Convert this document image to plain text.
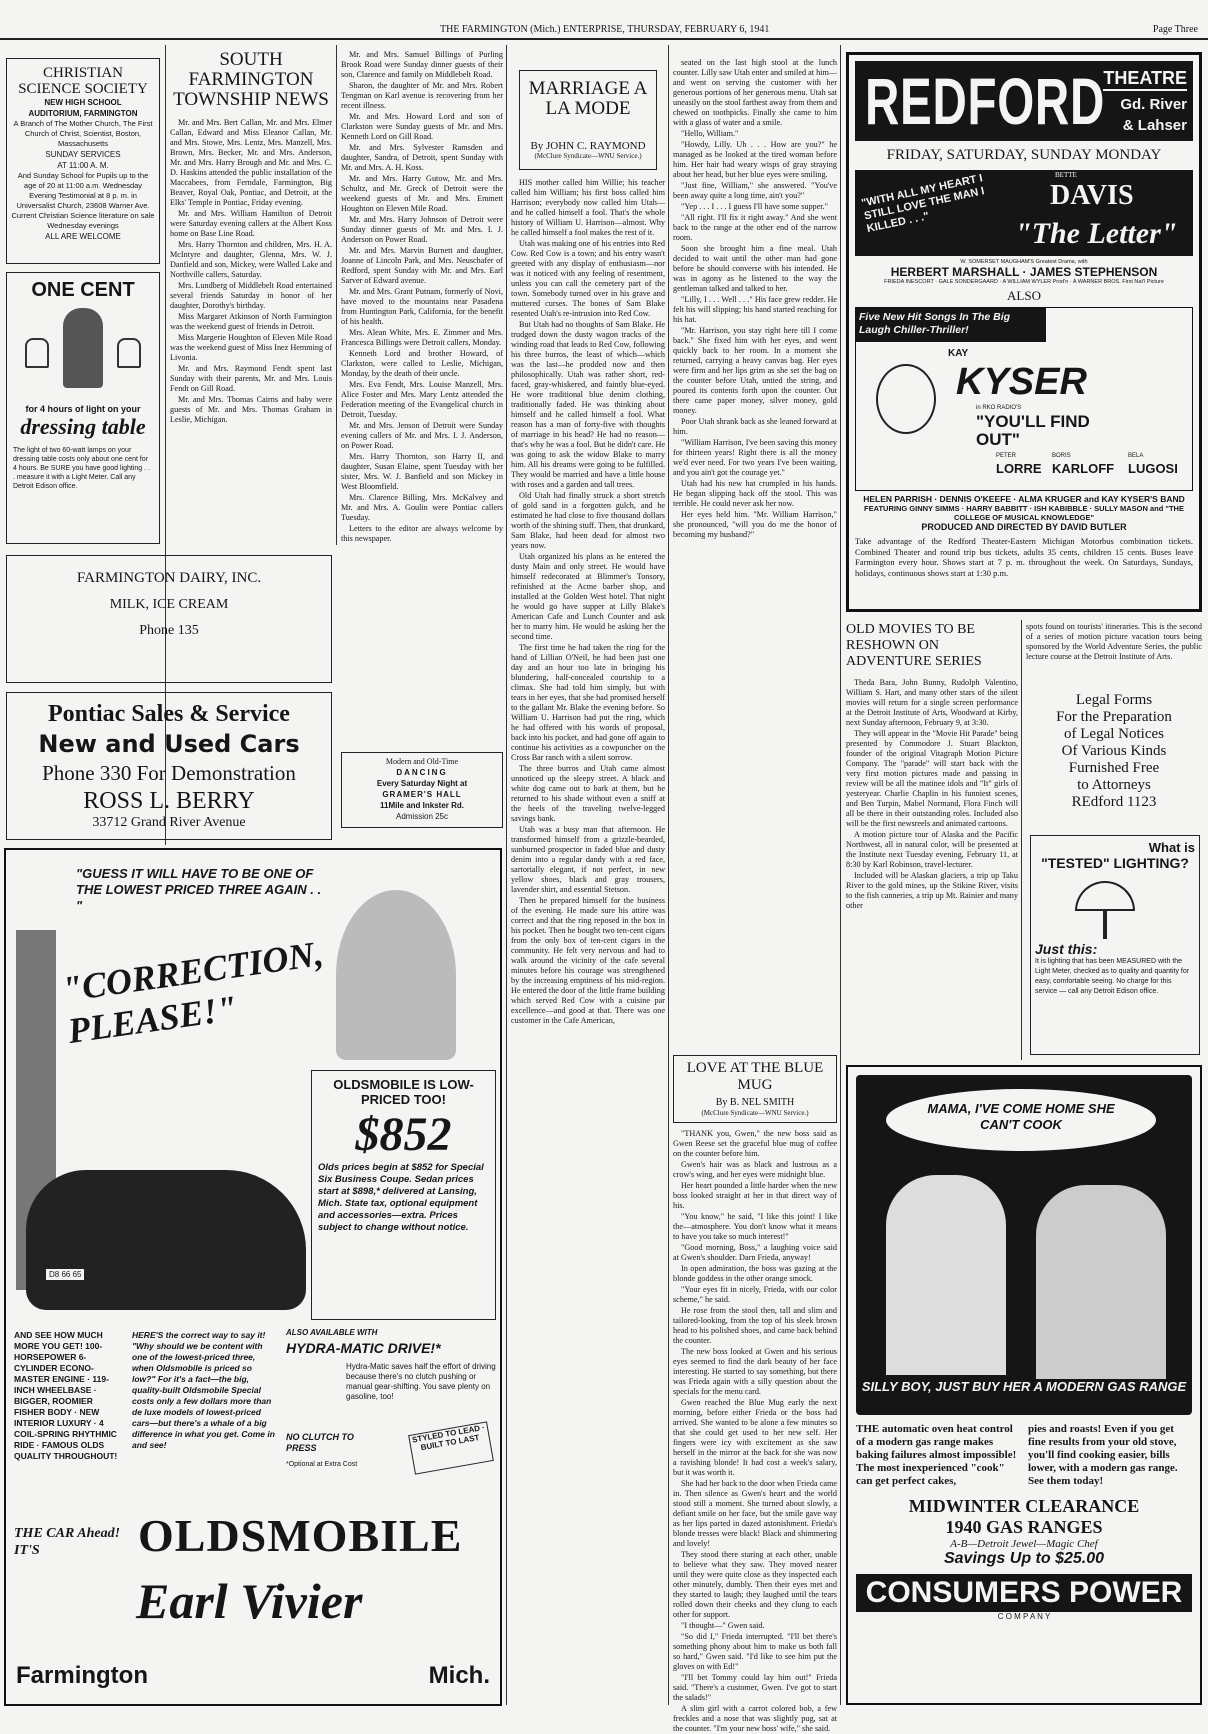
THE FARMINGTON (Mich.) ENTERPRISE, THURSDAY, FEBRUARY 6, 1941	Page Three
CHRISTIAN SCIENCE SOCIETY
NEW HIGH SCHOOL
AUDITORIUM, FARMINGTON
A Branch of The Mother Church, The First Church of Christ, Scientist, Boston, Massachusetts
SUNDAY SERVICES
AT 11:00 A. M.
And Sunday School for Pupils up to the age of 20 at 11:00 a.m. Wednesday Evening Testimonial at 8 p. m. in Universalist Church, 23608 Warner Ave. Current Christian Science literature on sale Wednesday evenings
ALL ARE WELCOME
ONE CENT
for 4 hours of light on your
dressing table
The light of two 60-watt lamps on your dressing table costs only about one cent for 4 hours. Be SURE you have good lighting . . . measure it with a Light Meter. Call any Detroit Edison office.
SOUTH FARMINGTON TOWNSHIP NEWS

Mr. and Mrs. Bert Callan, Mr. and Mrs. Elmer Callan, Edward and Miss Eleanor Callan, Mr. and Mrs. Stowe, Mrs. Lentz, Mrs. Manzell, Mrs. Brown, Mrs. Becker, Mr. and Mrs. Anderson, Mr. and Mrs. Harry Brough and Mr. and Mrs. C. D. Haskins attended the public installation of the Maccabees, from Ferndale, Farmington, Big Beaver, Royal Oak, Pontiac, and Detroit, at the Elks' Temple in Pontiac, Friday evening.

Mr. and Mrs. William Hamilton of Detroit were Saturday evening callers at the Albert Koss home on Base Line Road.

Mrs. Harry Thornton and children, Mrs. H. A. McIntyre and daughter, Glenna, Mrs. W. J. Danfield and son, Mickey, were Walled Lake and Northville callers, Saturday.

Mrs. Lundberg of Middlebelt Road entertained several friends Saturday in honor of her daughter, Dorothy's birthday.

Miss Margaret Atkinson of North Farmington was the weekend guest of friends in Detroit.

Miss Margerie Houghton of Eleven Mile Road was the weekend guest of Miss Inez Hemming of Livonia.

Mr. and Mrs. Raymond Fendt spent last Sunday with their parents, Mr. and Mrs. Louis Fendt on Gill Road.

Mr. and Mrs. Thomas Cairns and baby were guests of Mr. and Mrs. Thomas Graham in Leslie, Michigan.

Mr. and Mrs. Samuel Billings of Purling Brook Road were Sunday dinner guests of their son, Clarence and family on Middlebelt Road.

Sharon, the daughter of Mr. and Mrs. Robert Tengman on Karl avenue is recovering from her recent illness.

Mr. and Mrs. Howard Lord and son of Clarkston were Sunday guests of Mr. and Mrs. Kenneth Lord on Gill Road.

Mr. and Mrs. Sylvester Ramsden and daughter, Sandra, of Detroit, spent Sunday with Mr. and Mrs. A. H. Koss.

Mr. and Mrs. Harry Gutow, Mr. and Mrs. Schultz, and Mr. Greck of Detroit were the weekend guests of Mr. and Mrs. Emmett Houghton on Eleven Mile Road.

Mr. and Mrs. Harry Johnson of Detroit were Sunday dinner guests of Mr. and Mrs. I. J. Anderson on Power Road.

Mr. and Mrs. Marvin Burnett and daughter, Joanne of Lincoln Park, and Mrs. Neuschafer of Redford, spent Sunday with Mr. and Mrs. Earl Sarver of Edward avenue.

Mr. and Mrs. Grant Putnam, formerly of Novi, have moved to the mountains near Pasadena from Huntington Park, California, for the benefit of his health.

Mrs. Alean White, Mrs. E. Zimmer and Mrs. Francesca Billings were Detroit callers, Monday.

Kenneth Lord and brother Howard, of Clarkston, were called to Leslie, Michigan, Monday, by the death of their uncle.

Mrs. Eva Fendt, Mrs. Louise Manzell, Mrs. Alice Foster and Mrs. Mary Lentz attended the Federation meeting of the Evangelical church in Detroit, Tuesday.

Mr. and Mrs. Jenson of Detroit were Sunday evening callers of Mr. and Mrs. I. J. Anderson, on Power Road.

Mrs. Harry Thornton, son Harry II, and daughter, Susan Elaine, spent Tuesday with her sister, Mrs. W. J. Banfield and son Mickey in West Bloomfield.

Mrs. Clarence Billing, Mrs. McKalvey and Mr. and Mrs. A. Goulin were Pontiac callers Tuesday.

Letters to the editor are always welcome by this newspaper.

Modern and Old-Time
DANCING
Every Saturday Night at
GRAMER'S HALL
11Mile and Inkster Rd.
Admission 25c
FARMINGTON DAIRY, INC.
MILK, ICE CREAM
Phone 135
Pontiac Sales & Service
New and Used Cars
Phone 330 For Demonstration
ROSS L. BERRY
33712 Grand River Avenue
MARRIAGE A LA MODE
By JOHN C. RAYMOND
(McClure Syndicate—WNU Service.)

HIS mother called him Willie; his teacher called him William; his first boss called him Harrison; everybody now called him Utah—and he called himself a fool. That's the whole history of William U. Harrison—almost. Why he called himself a fool makes the rest of it.

Utah was making one of his entries into Red Cow. Red Cow is a town; and his entry wasn't greeted with any display of enthusiasm—nor was it noticed with any feeling of resentment, unless you can call the cemetery part of the town. Somebody turned over in his grave and muttered curses. The bones of Sam Blake resented Utah's re-intrusion into Red Cow.

But Utah had no thoughts of Sam Blake. He trudged down the dusty wagon tracks of the winding road that leads to Red Cow, following his three burros, the least of which—which was the last—he prodded now and then philosophically. Utah was rather short, red-faced, gray-whiskered, and faintly blue-eyed. He wore traditional blue denim clothing, traditionally faded. He was thinking about himself and he called himself a fool. What reason has a man of forty-five with thoughts of marriage in his head? He had no reason—that's why he was a fool. But he didn't care. He was going to ask the widow Blake to marry him. All his dreams were going to be fulfilled. They would be married and have a little house with roses and a garden and tall trees.

Old Utah had finally struck a short stretch of gold sand in a forgotten gulch, and he estimated he had close to five thousand dollars worth of the shining stuff. Then, that drunkard, Sam Blake, had been dead for almost two years now.

Utah organized his plans as he entered the dusty Main and only street. He would have himself redecorated at Blimmer's Tonsory, refinished at the Acme barber shop, and installed at the Golden West hotel. That night he would go have supper at Lilly Blake's American Cafe and Lunch Counter and ask her to marry him. He would be asking her the second time.

The first time he had taken the ring for the hand of Lillian O'Neil, he had been just one day and an hour too late in bringing his blundering, half-concealed courtship to a climax. She had told him simply, but with tears in her eyes, that she had promised herself to the gallant Mr. Blake the evening before. So William U. Harrison had put the ring, which he had offered with his words of proposal, back into his pocket, and had gone off again to continue his activities as a cowpuncher on the Cross Bar ranch with a silent sorrow.

The three burros and Utah came almost unnoticed up the sleepy street. A black and white dog came out to bark at them, but he returned to his shade without even a sniff at the heels of the traveling twelve-legged savings bank.

Utah was a busy man that afternoon. He transformed himself from a grizzle-bearded, sunburned prospector in faded blue and dusty denim into a regular dandy with a red face, sartorially elegant, if not perfect, in new yellow shoes, black and gray trousers, lavender shirt, and essential Stetson.

Then he prepared himself for the business of the evening. He made sure his attire was correct and that the ring reposed in the box in his pocket. Then he bought two ten-cent cigars from the only box of ten-cent cigars in the community. He felt very nervous and had to walk around the vicinity of the cafe several minutes before his courage was strengthened by the increasing emptiness of his mid-region. He entered the door of the little frame building which served Red Cow with a cuisine par excellence—and good at that. There was one customer in the Cafe American,

seated on the last high stool at the lunch counter. Lilly saw Utah enter and smiled at him—and went on serving the customer with her generous portions of her generous menu. Utah sat uneasily on the stool farthest away from them and chewed on toothpicks. Finally she came to him with a glass of water and a smile.

"Hello, William."

"Howdy, Lilly. Uh . . . How are you?" he managed as he looked at the tired woman before him. Her hair had weary wisps of gray straying about her head, but her blue eyes were smiling.

"Just fine, William," she answered. "You've been away quite a long time, ain't you?"

"Yep . . . I . . . I guess I'll have some supper."

"All right. I'll fix it right away." And she went back to the range at the other end of the narrow room.

Soon she brought him a fine meal. Utah decided to wait until the other man had gone before he should converse with his intended. He was in agony as he listened to the way the gentleman talked and talked to her.

"Lilly, I . . . Well . . ." His face grew redder. He felt his will slipping; his hand started reaching for his hat.

"Mr. Harrison, you stay right here till I come back." She fixed him with her eyes, and went quickly back to her room. In a moment she returned, carrying a heavy canvas bag. Her eyes were firm and her lips grim as she set the bag on the counter before Utah, untied the string, and poured its contents forth upon the counter. Out there came paper money, silver money, gold money.

Poor Utah shrank back as she leaned forward at him.

"William Harrison, I've been saving this money for thirteen years! Right there is all the money we'd ever need. For two years I've been waiting, and you ain't got the courage yet."

Utah had his new hat crumpled in his hands. He began slipping back off the stool. This was terrible. He could never ask her now.

Her eyes held him. "Mr. William Harrison," she pronounced, "will you do me the honor of becoming my husband?"

LOVE AT THE BLUE MUG
By B. NEL SMITH
(McClure Syndicate—WNU Service.)

"THANK you, Gwen," the new boss said as Gwen Reese set the graceful blue mug of coffee on the counter before him.

Gwen's hair was as black and lustrous as a crow's wing, and her eyes were midnight blue.

Her heart pounded a little harder when the new boss looked straight at her in that direct way of his.

"You know," he said, "I like this joint! I like the—atmosphere. You don't know what it means to have you take so much interest!"

"Good morning, Boss," a laughing voice said at Gwen's shoulder. Darn Frieda, anyway!

In open admiration, the boss was gazing at the blonde goddess in the other orange smock.

"Your eyes fit in nicely, Frieda, with our color scheme," he said.

He rose from the stool then, tall and slim and tailored-looking, from the top of his sleek brown head to his polished shoes, and came back behind the counter.

The new boss looked at Gwen and his serious eyes seemed to find the dark beauty of her face interesting. He started to say something, but there was Frieda again with a silly question about the specials for the menu card.

Gwen reached the Blue Mug early the next morning, before either Frieda or the boss had arrived. She wanted to be alone a few minutes so that she could get used to her new self. Her fingers were icy with excitement as she saw herself in the mirror at the back for she was now a ravishing blonde! It had cost a week's salary, but it was worth it.

She had her back to the door when Frieda came in. Then silence as Gwen's heart and the world stood still a moment. She turned about slowly, a defiant smile on her face, but the smile gave way as her lips parted in dazed astonishment. Frieda's blonde tresses were black! Black and shimmering and lovely!

They stood there staring at each other, unable to believe what they saw. They moved nearer until they were quite close as they inspected each other minutely, dumbly. Then their eyes met and they started to laugh; they laughed until the tears rolled down their cheeks and they clung to each other for support.

"I thought—" Gwen said.

"So did I," Frieda interrupted. "I'll bet there's something phony about him to make us both fall so hard," Gwen said. "I'd like to see him put the gloves on with Ed!"

"I'll bet Tommy could lay him out!" Frieda said. "There's a customer, Gwen. I've got to start the salads!"

A slim girl with a carrot colored bob, a few freckles and a nose that was slightly pug, sat at the counter. "I'm your new boss' wife," she said.

REDFORD
THEATRE
Gd. River
& Lahser
FRIDAY, SATURDAY, SUNDAY MONDAY
"WITH ALL MY HEART I STILL LOVE THE MAN I KILLED . . ."
BETTE
DAVIS
"The Letter"
W. SOMERSET MAUGHAM'S Greatest Drama, with
HERBERT MARSHALL · JAMES STEPHENSON
FRIEDA INESCORT · GALE SONDERGAARD · A WILLIAM WYLER Prod'n · A WARNER BROS. First Nat'l Picture
ALSO
Five New Hit Songs In The Big Laugh Chiller-Thriller!
KAY
KYSER
in RKO RADIO'S
"YOU'LL FIND OUT"
PETER
LORRE
BORIS
KARLOFF
BELA
LUGOSI
HELEN PARRISH · DENNIS O'KEEFE · ALMA KRUGER and KAY KYSER'S BAND
FEATURING GINNY SIMMS · HARRY BABBITT · ISH KABIBBLE · SULLY MASON and "THE COLLEGE OF MUSICAL KNOWLEDGE"
PRODUCED AND DIRECTED BY DAVID BUTLER
Take advantage of the Redford Theater-Eastern Michigan Motorbus combination tickets. Combined Theater and round trip bus tickets, adults 35 cents, children 15 cents. Buses leave Farmington every hour. Shows start at 7 p. m. throughout the week. On Saturdays, Sundays, holidays, continuous shows start at 1:30 p.m.
OLD MOVIES TO BE RESHOWN ON ADVENTURE SERIES

Theda Bara, John Bunny, Rudolph Valentino, William S. Hart, and many other stars of the silent movies will return for a single screen performance at the Detroit Institute of Arts, Woodward at Kirby, next Sunday afternoon, February 9, at 3:30.

They will appear in the "Movie Hit Parade" being presented by Commodore J. Stuart Blackton, founder of the original Vitagraph Motion Picture Company. The "parade" will start back with the very first motion pictures made and passing in review will be all the matinee idols and "It" girls of yesteryear. Charlie Chaplin in his funniest scenes, and Ben Turpin, Mabel Normand, Flora Finch will all be there in their outstanding roles. Included also will be the first newsreels and animated cartoons.

A motion picture tour of Alaska and the Pacific Northwest, all in natural color, will be presented at the Institute next Tuesday evening, February 11, at 8:30 by Karl Robinson, travel-lecturer.

Included will be Alaskan glaciers, a trip up Taku River to the gold mines, up the Stikine River, visits to the fish canneries, a trip up Mt. Rainier and many other

spots found on tourists' itineraries. This is the second of a series of motion picture vacation tours being sponsored by the World Adventure Series, the public lecture course at the Detroit Institute of Arts.
Legal Forms
For the Preparation
of Legal Notices
Of Various Kinds
Furnished Free
to Attorneys
REdford 1123
What is
"TESTED" LIGHTING?
Just this:
It is lighting that has been MEASURED with the Light Meter, checked as to quality and quantity for easy, comfortable seeing. No charge for this service — call any Detroit Edison office.
MAMA, I'VE COME HOME SHE CAN'T COOK
SILLY BOY, JUST BUY HER A MODERN GAS RANGE
THE automatic oven heat control of a modern gas range makes baking failures almost impossible! The most inexperienced "cook" can get perfect cakes,
pies and roasts! Even if you get fine results from your old stove, you'll find cooking easier, bills lower, with a modern gas range. See them today!
MIDWINTER CLEARANCE
1940 GAS RANGES
A-B—Detroit Jewel—Magic Chef
Savings Up to $25.00
CONSUMERS POWER
C O M P A N Y
"GUESS IT WILL HAVE TO BE ONE OF THE LOWEST PRICED THREE AGAIN . . "
"CORRECTION, PLEASE!"
OLDSMOBILE IS LOW-PRICED TOO!
$852
Olds prices begin at $852 for Special Six Business Coupe. Sedan prices start at $898,* delivered at Lansing, Mich. State tax, optional equipment and accessories—extra. Prices subject to change without notice.
D8 66 65
AND SEE HOW MUCH MORE YOU GET! 100-HORSEPOWER 6-CYLINDER ECONO-MASTER ENGINE · 119-INCH WHEELBASE · BIGGER, ROOMIER FISHER BODY · NEW INTERIOR LUXURY · 4 COIL-SPRING RHYTHMIC RIDE · FAMOUS OLDS QUALITY THROUGHOUT!
HERE'S the correct way to say it! "Why should we be content with one of the lowest-priced three, when Oldsmobile is priced so low?" For it's a fact—the big, quality-built Oldsmobile Special costs only a few dollars more than de luxe models of lowest-priced cars—but there's a whale of a big difference in what you get. Come in and see!
ALSO AVAILABLE WITH
HYDRA-MATIC DRIVE!*
Hydra-Matic saves half the effort of driving because there's no clutch pushing or manual gear-shifting. You save plenty on gasoline, too!
NO CLUTCH TO PRESS
*Optional at Extra Cost
STYLED TO LEAD · BUILT TO LAST
THE CAR Ahead! IT'S	OLDSMOBILE
Earl Vivier
Farmington	Mich.
